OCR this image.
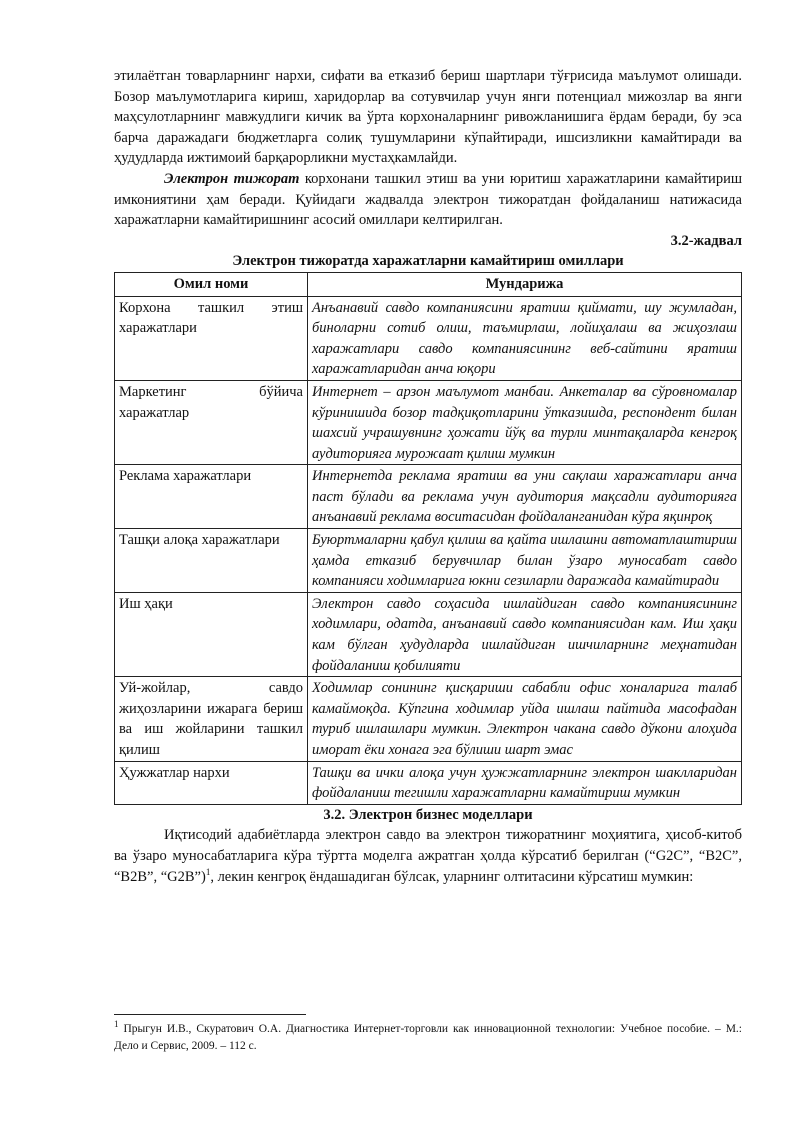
этилаётган товарларнинг нархи, сифати ва етказиб бериш шартлари тўғрисида маълумот олишади. Бозор маълумотларига кириш, харидорлар ва сотувчилар учун янги потенциал мижозлар ва янги маҳсулотларнинг мавжудлиги кичик ва ўрта корхоналарнинг ривожланишига ёрдам беради, бу эса барча даражадаги бюджетларга солиқ тушумларини кўпайтиради, ишсизликни камайтиради ва ҳудудларда ижтимоий барқарорликни мустаҳкамлайди.

Электрон тижорат корхонани ташкил этиш ва уни юритиш харажатларини камайтириш имкониятини ҳам беради. Қуйидаги жадвалда электрон тижоратдан фойдаланиш натижасида харажатларни камайтиришнинг асосий омиллари келтирилган.

3.2-жадвал

Электрон тижоратда харажатларни камайтириш омиллари

Омил номи	Мундарижа
Корхона ташкил этиш харажатлари	Анъанавий савдо компаниясини яратиш қиймати, шу жумладан, биноларни сотиб олиш, таъмирлаш, лойиҳалаш ва жиҳозлаш харажатлари савдо компаниясининг веб-сайтини яратиш харажатларидан анча юқори
Маркетинг бўйича харажатлар	Интернет – арзон маълумот манбаи. Анкеталар ва сўровномалар кўринишида бозор тадқиқотларини ўтказишда, респондент билан шахсий учрашувнинг ҳожати йўқ ва турли минтақаларда кенгроқ аудиторияга мурожаат қилиш мумкин
Реклама харажатлари	Интернетда реклама яратиш ва уни сақлаш харажатлари анча паст бўлади ва реклама учун аудитория мақсадли аудиторияга анъанавий реклама воситасидан фойдаланганидан кўра яқинроқ
Ташқи алоқа харажатлари	Буюртмаларни қабул қилиш ва қайта ишлашни автоматлаштириш ҳамда етказиб берувчилар билан ўзаро муносабат савдо компанияси ходимларига юкни сезиларли даражада камайтиради
Иш ҳақи	Электрон савдо соҳасида ишлайдиган савдо компаниясининг ходимлари, одатда, анъанавий савдо компаниясидан кам. Иш ҳақи кам бўлган ҳудудларда ишлайдиган ишчиларнинг меҳнатидан фойдаланиш қобилияти
Уй-жойлар, савдо жиҳозларини ижарага бериш ва иш жойларини ташкил қилиш	Ходимлар сонининг қисқариши сабабли офис хоналарига талаб камаймоқда. Кўпгина ходимлар уйда ишлаш пайтида масофадан туриб ишлашлари мумкин. Электрон чакана савдо дўкони алоҳида иморат ёки хонага эга бўлиши шарт эмас
Ҳужжатлар нархи	Ташқи ва ички алоқа учун ҳужжатларнинг электрон шаклларидан фойдаланиш тегишли харажатларни камайтириш мумкин

3.2. Электрон бизнес моделлари

Иқтисодий адабиётларда электрон савдо ва электрон тижоратнинг моҳиятига, ҳисоб-китоб ва ўзаро муносабатларига кўра тўртта моделга ажратган ҳолда кўрсатиб берилган (“G2C”, “B2C”, “B2B”, “G2B”)$^1$, лекин кенгроқ ёндашадиган бўлсак, уларнинг олтитасини кўрсатиш мумкин:

$^1$ Прыгун И.В., Скуратович О.А. Диагностика Интернет-торговли как инновационной технологии: Учебное пособие. – М.: Дело и Сервис, 2009. – 112 с.
